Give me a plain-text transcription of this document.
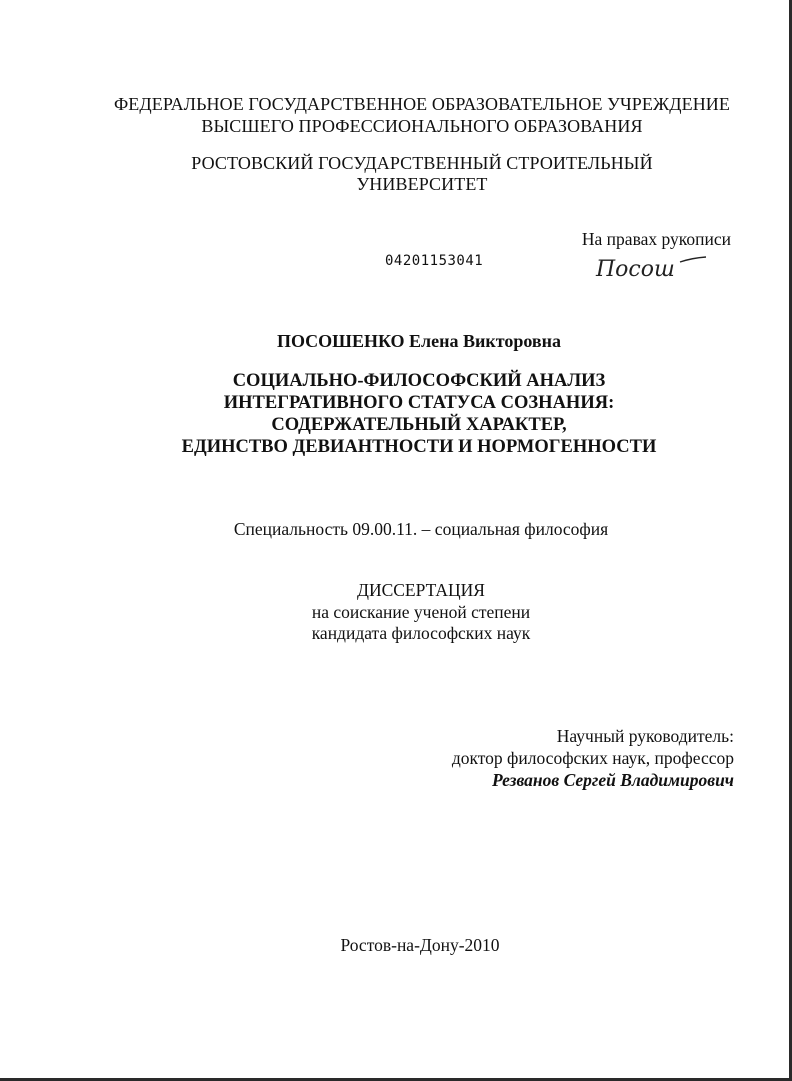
ФЕДЕРАЛЬНОЕ ГОСУДАРСТВЕННОЕ ОБРАЗОВАТЕЛЬНОЕ УЧРЕЖДЕНИЕ
ВЫСШЕГО ПРОФЕССИОНАЛЬНОГО ОБРАЗОВАНИЯ
РОСТОВСКИЙ ГОСУДАРСТВЕННЫЙ СТРОИТЕЛЬНЫЙ
УНИВЕРСИТЕТ
На правах рукописи
04201153041	Посош
ПОСОШЕНКО Елена Викторовна
СОЦИАЛЬНО-ФИЛОСОФСКИЙ АНАЛИЗ
ИНТЕГРАТИВНОГО СТАТУСА СОЗНАНИЯ:
СОДЕРЖАТЕЛЬНЫЙ ХАРАКТЕР,
ЕДИНСТВО ДЕВИАНТНОСТИ И НОРМОГЕННОСТИ
Специальность 09.00.11. – социальная философия
ДИССЕРТАЦИЯ
на соискание ученой степени
кандидата философских наук
Научный руководитель:
доктор философских наук, профессор
Резванов Сергей Владимирович
Ростов-на-Дону-2010
